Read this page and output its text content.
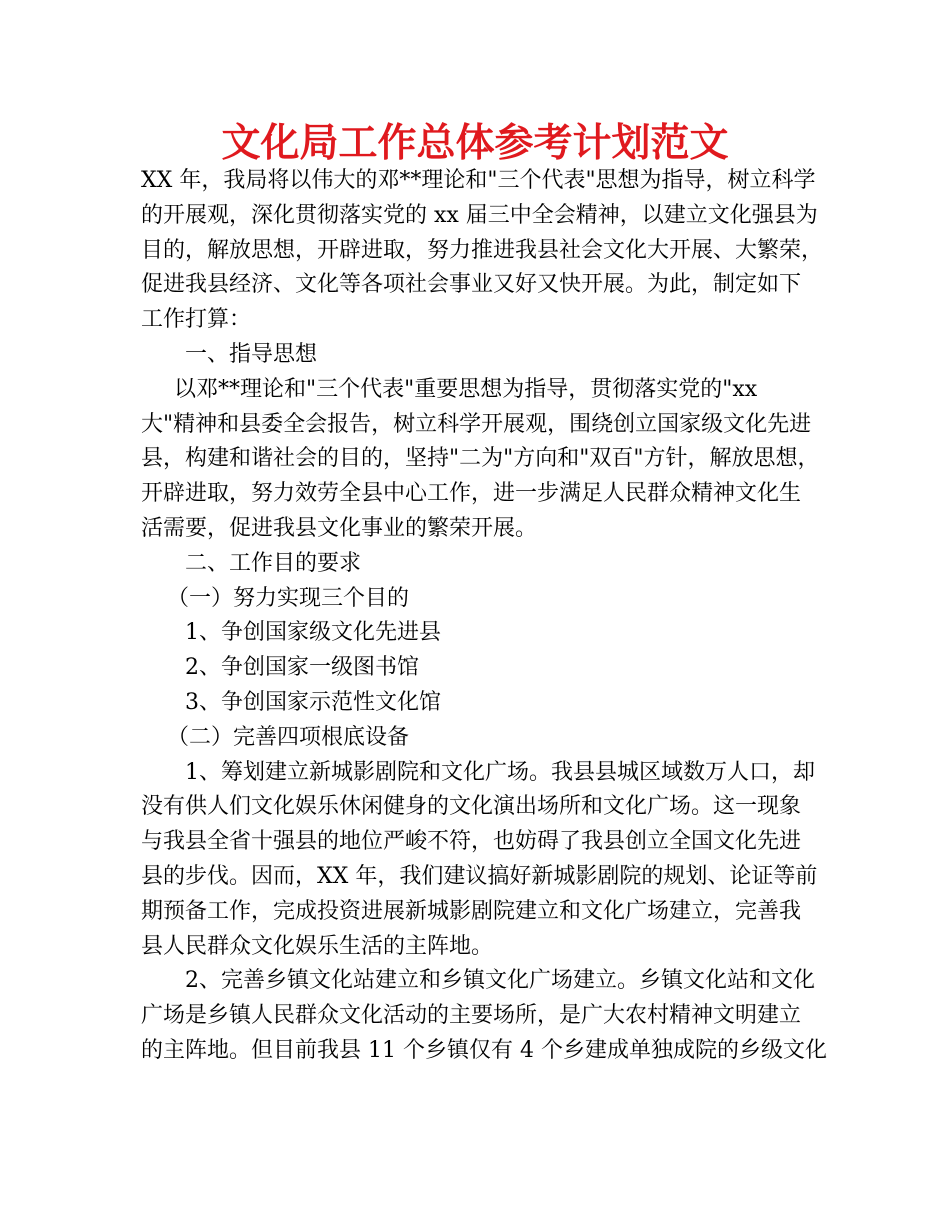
文化局工作总体参考计划范文
XX 年，我局将以伟大的邓**理论和"三个代表"思想为指导，树立科学
的开展观，深化贯彻落实党的 xx 届三中全会精神，以建立文化强县为
目的，解放思想，开辟进取，努力推进我县社会文化大开展、大繁荣，
促进我县经济、文化等各项社会事业又好又快开展。为此，制定如下
工作打算：
一、指导思想
以邓**理论和"三个代表"重要思想为指导，贯彻落实党的"xx
大"精神和县委全会报告，树立科学开展观，围绕创立国家级文化先进
县，构建和谐社会的目的，坚持"二为"方向和"双百"方针，解放思想，
开辟进取，努力效劳全县中心工作，进一步满足人民群众精神文化生
活需要，促进我县文化事业的繁荣开展。
二、工作目的要求
（一）努力实现三个目的
1、争创国家级文化先进县
2、争创国家一级图书馆
3、争创国家示范性文化馆
（二）完善四项根底设备
1、筹划建立新城影剧院和文化广场。我县县城区域数万人口，却
没有供人们文化娱乐休闲健身的文化演出场所和文化广场。这一现象
与我县全省十强县的地位严峻不符，也妨碍了我县创立全国文化先进
县的步伐。因而，XX 年，我们建议搞好新城影剧院的规划、论证等前
期预备工作，完成投资进展新城影剧院建立和文化广场建立，完善我
县人民群众文化娱乐生活的主阵地。
2、完善乡镇文化站建立和乡镇文化广场建立。乡镇文化站和文化
广场是乡镇人民群众文化活动的主要场所，是广大农村精神文明建立
的主阵地。但目前我县 11 个乡镇仅有 4 个乡建成单独成院的乡级文化
